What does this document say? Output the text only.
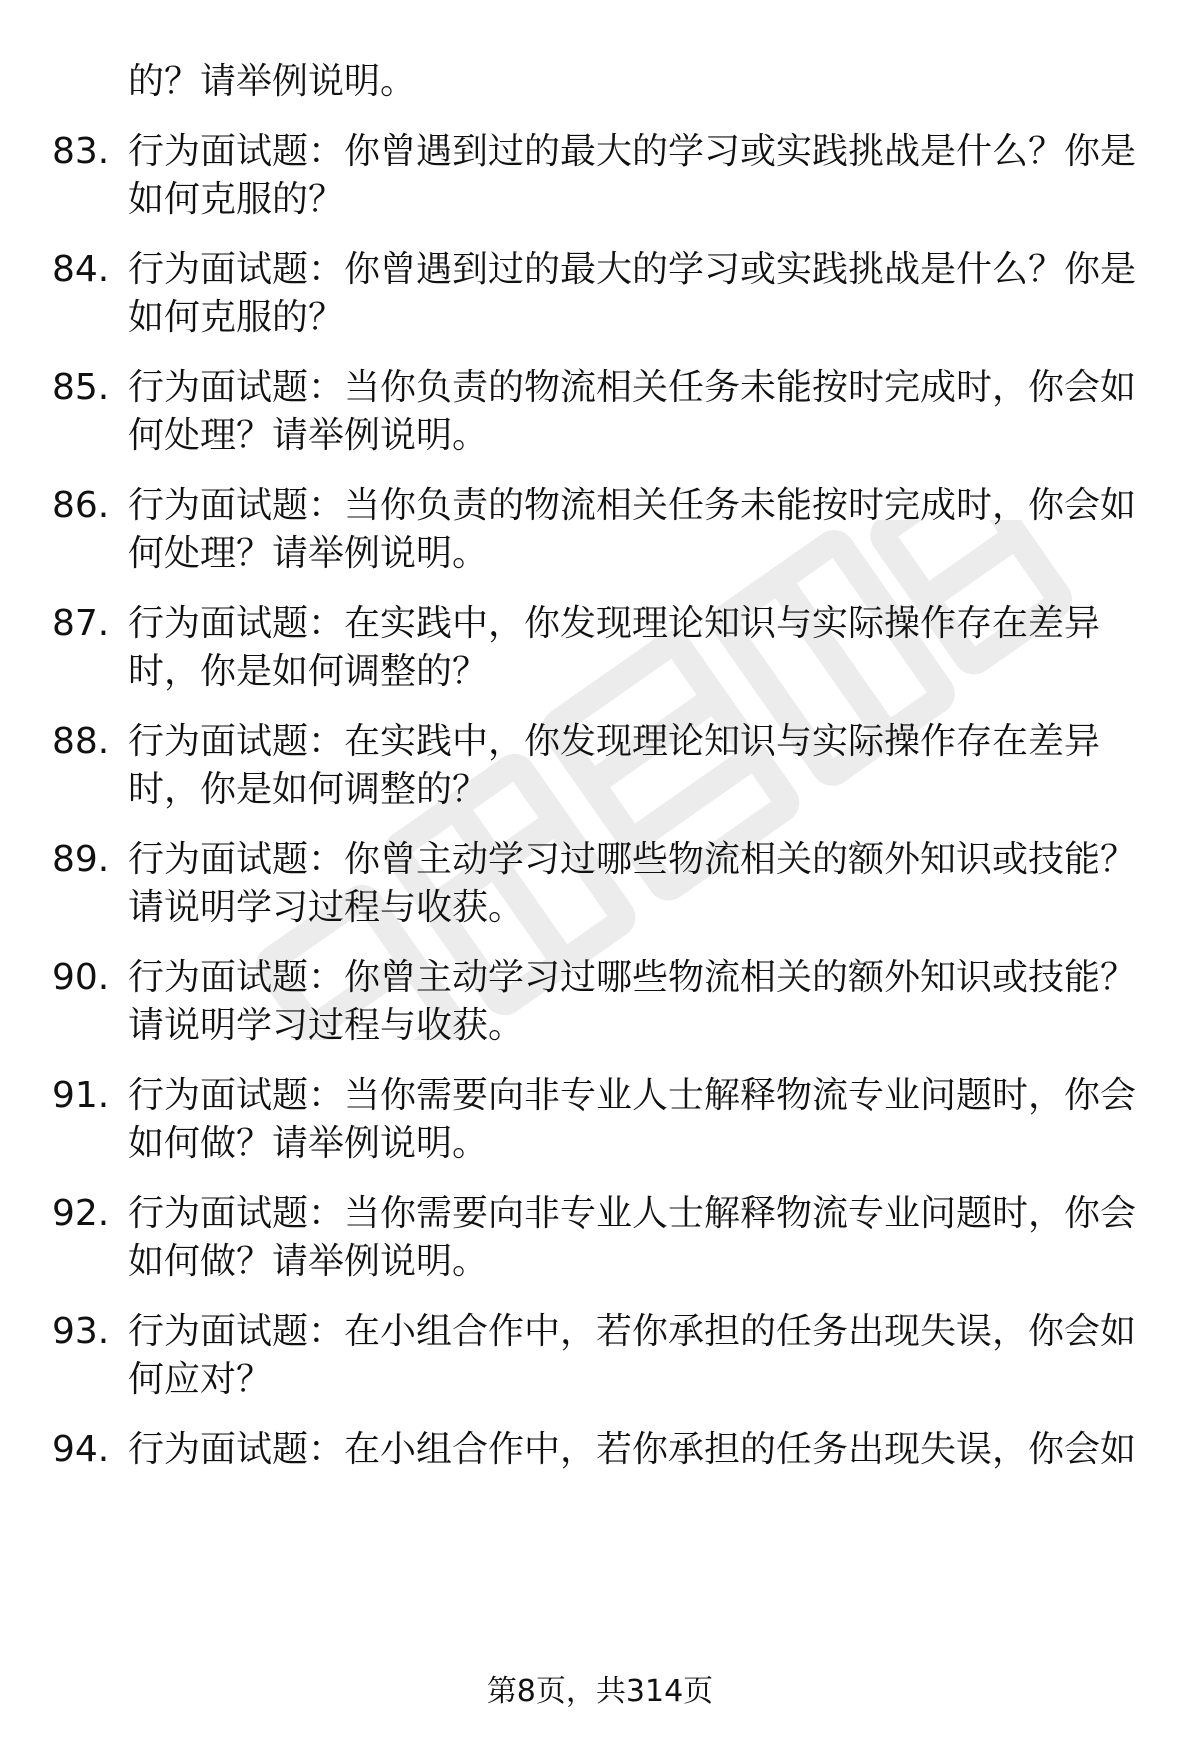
的？请举例说明。
83. 行为面试题：你曾遇到过的最大的学习或实践挑战是什么？你是
如何克服的？
84. 行为面试题：你曾遇到过的最大的学习或实践挑战是什么？你是
如何克服的？
85. 行为面试题：当你负责的物流相关任务未能按时完成时，你会如
何处理？请举例说明。
86. 行为面试题：当你负责的物流相关任务未能按时完成时，你会如
何处理？请举例说明。
87. 行为面试题：在实践中，你发现理论知识与实际操作存在差异
时，你是如何调整的？
88. 行为面试题：在实践中，你发现理论知识与实际操作存在差异
时，你是如何调整的？
89. 行为面试题：你曾主动学习过哪些物流相关的额外知识或技能？
请说明学习过程与收获。
90. 行为面试题：你曾主动学习过哪些物流相关的额外知识或技能？
请说明学习过程与收获。
91. 行为面试题：当你需要向非专业人士解释物流专业问题时，你会
如何做？请举例说明。
92. 行为面试题：当你需要向非专业人士解释物流专业问题时，你会
如何做？请举例说明。
93. 行为面试题：在小组合作中，若你承担的任务出现失误，你会如
何应对？
94. 行为面试题：在小组合作中，若你承担的任务出现失误，你会如
第8页，共314页
